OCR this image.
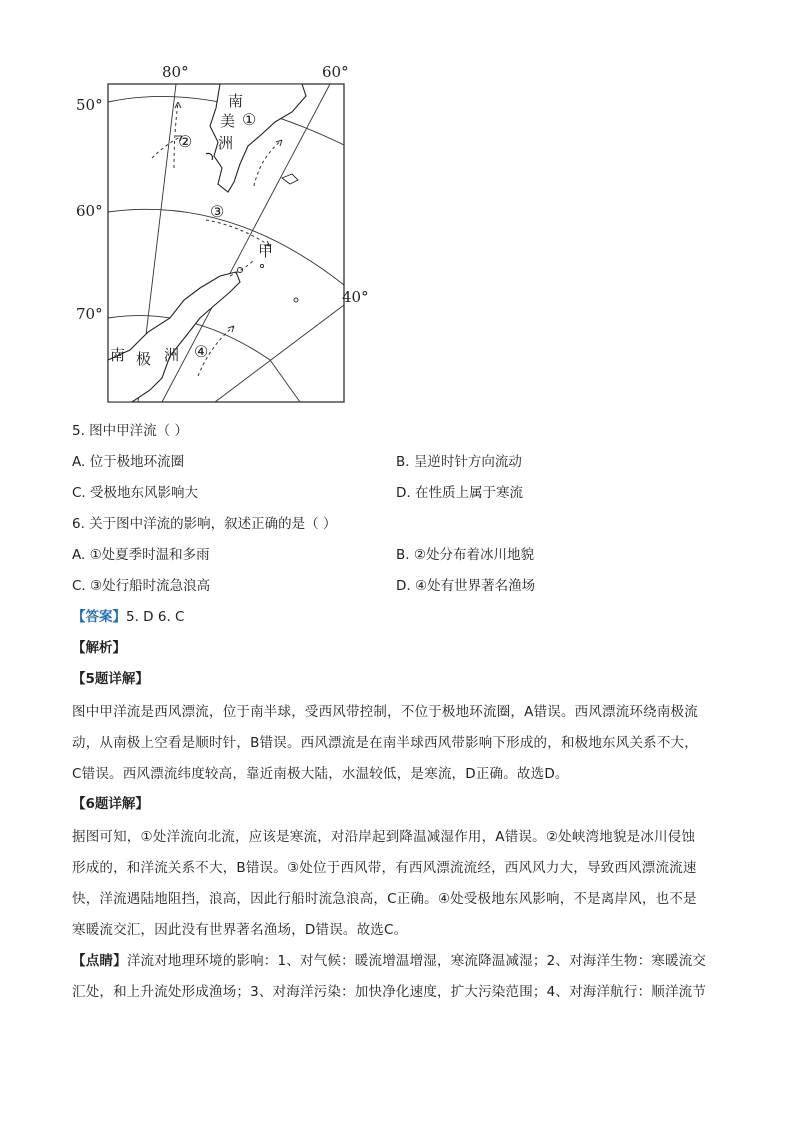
80°	60°
40°
50°
60°
70°
南
美
洲
南 极 洲
①
②
③
④
甲
5. 图中甲洋流（ ）
A. 位于极地环流圈	B. 呈逆时针方向流动
C. 受极地东风影响大	D. 在性质上属于寒流
6. 关于图中洋流的影响，叙述正确的是（ ）
A. ①处夏季时温和多雨	B. ②处分布着冰川地貌
C. ③处行船时流急浪高	D. ④处有世界著名渔场
【答案】5. D 6. C
【解析】
【5题详解】
图中甲洋流是西风漂流，位于南半球，受西风带控制，不位于极地环流圈，A错误。西风漂流环绕南极流
动，从南极上空看是顺时针，B错误。西风漂流是在南半球西风带影响下形成的，和极地东风关系不大，
C错误。西风漂流纬度较高，靠近南极大陆，水温较低，是寒流，D正确。故选D。
【6题详解】
据图可知，①处洋流向北流，应该是寒流，对沿岸起到降温减湿作用，A错误。②处峡湾地貌是冰川侵蚀
形成的，和洋流关系不大，B错误。③处位于西风带，有西风漂流流经，西风风力大，导致西风漂流流速
快，洋流遇陆地阻挡，浪高，因此行船时流急浪高，C正确。④处受极地东风影响，不是离岸风，也不是
寒暖流交汇，因此没有世界著名渔场，D错误。故选C。
【点睛】洋流对地理环境的影响：1、对气候：暖流增温增湿，寒流降温减湿；2、对海洋生物：寒暖流交
汇处，和上升流处形成渔场；3、对海洋污染：加快净化速度，扩大污染范围；4、对海洋航行：顺洋流节
